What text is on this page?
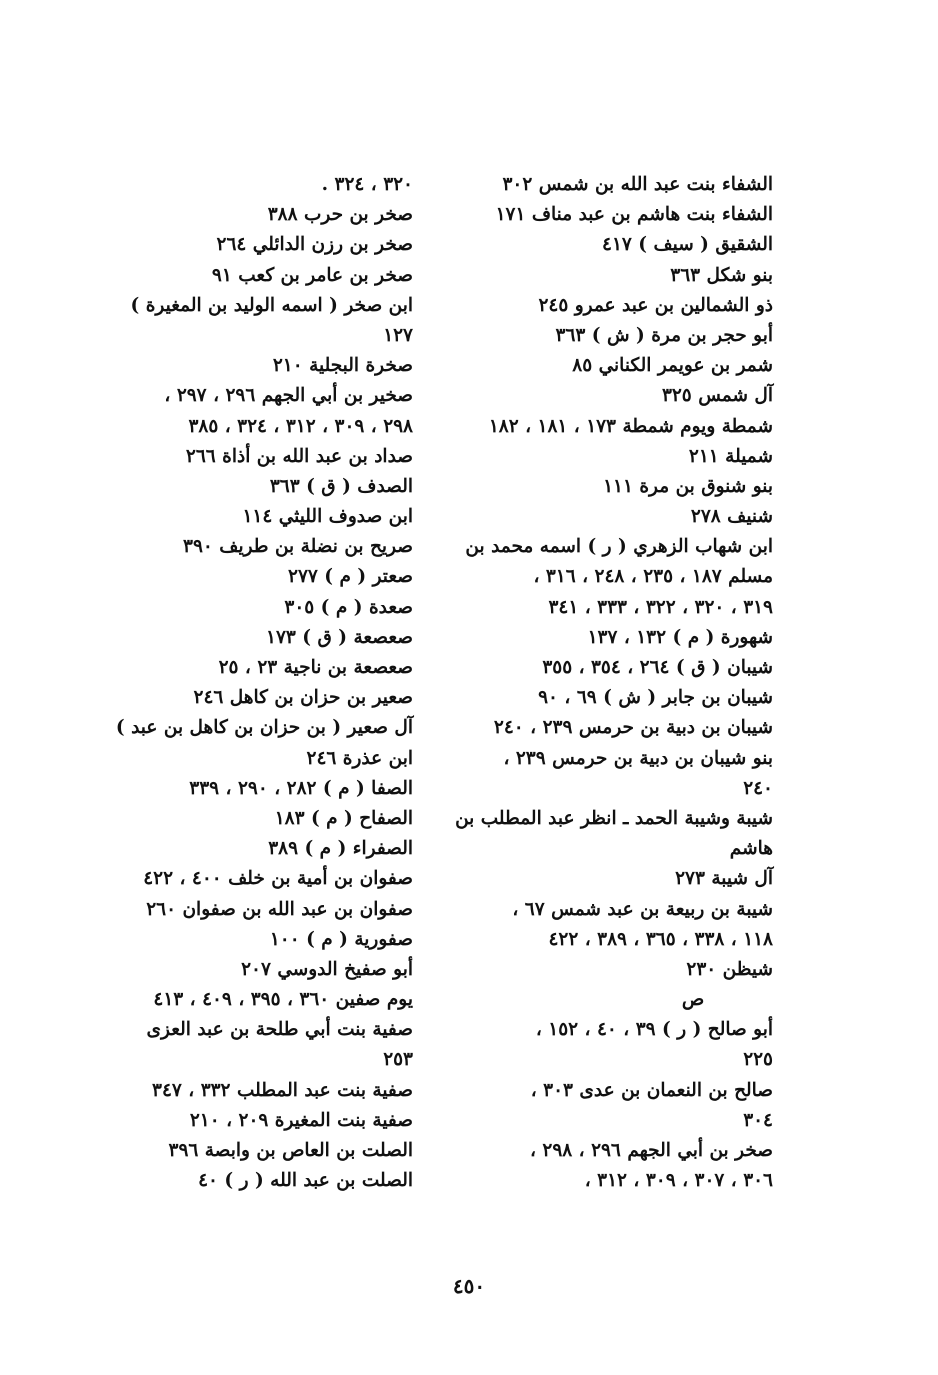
الشفاء بنت عبد الله بن شمس ٣٠٢
الشفاء بنت هاشم بن عبد مناف ١٧١
الشقيق ( سيف ) ٤١٧
بنو شكل ٣٦٣
ذو الشمالين بن عبد عمرو ٢٤٥
أبو حجر بن مرة ( ش ) ٣٦٣
شمر بن عويمر الكناني ٨٥
آل شمس ٣٢٥
شمطة ويوم شمطة ١٧٣ ، ١٨١ ، ١٨٢
شميلة ٢١١
بنو شنوق بن مرة ١١١
شنيف ٢٧٨
ابن شهاب الزهري ( ر ) اسمه محمد بن
مسلم ١٨٧ ، ٢٣٥ ، ٢٤٨ ، ٣١٦ ،
٣١٩ ، ٣٢٠ ، ٣٢٢ ، ٣٣٣ ، ٣٤١
شهورة ( م ) ١٣٢ ، ١٣٧
شيبان ( ق ) ٢٦٤ ، ٣٥٤ ، ٣٥٥
شيبان بن جابر ( ش ) ٦٩ ، ٩٠
شيبان بن دبية بن حرمس ٢٣٩ ، ٢٤٠
بنو شيبان بن دبية بن حرمس ٢٣٩ ،
٢٤٠
شيبة وشيبة الحمد ـ انظر عبد المطلب بن
هاشم
آل شيبة ٢٧٣
شيبة بن ربيعة بن عبد شمس ٦٧ ،
١١٨ ، ٣٣٨ ، ٣٦٥ ، ٣٨٩ ، ٤٢٢
شيظن ٢٣٠
ص
أبو صالح ( ر ) ٣٩ ، ٤٠ ، ١٥٢ ،
٢٢٥
صالح بن النعمان بن عدى ٣٠٣ ،
٣٠٤
صخر بن أبي الجهم ٢٩٦ ، ٢٩٨ ،
٣٠٦ ، ٣٠٧ ، ٣٠٩ ، ٣١٢ ،
٣٢٠ ، ٣٢٤ .
صخر بن حرب ٣٨٨
صخر بن رزن الدائلي ٢٦٤
صخر بن عامر بن كعب ٩١
ابن صخر ( اسمه الوليد بن المغيرة )
١٢٧
صخرة البجلية ٢١٠
صخير بن أبي الجهم ٢٩٦ ، ٢٩٧ ،
٢٩٨ ، ٣٠٩ ، ٣١٢ ، ٣٢٤ ، ٣٨٥
صداد بن عبد الله بن أذاة ٢٦٦
الصدف ( ق ) ٣٦٣
ابن صدوف الليثي ١١٤
صريح بن نضلة بن طريف ٣٩٠
صعتر ( م ) ٢٧٧
صعدة ( م ) ٣٠٥
صعصعة ( ق ) ١٧٣
صعصعة بن ناجية ٢٣ ، ٢٥
صعير بن حزان بن كاهل ٢٤٦
آل صعير ( بن حزان بن كاهل بن عبد )
ابن عذرة ٢٤٦
الصفا ( م ) ٢٨٢ ، ٢٩٠ ، ٣٣٩
الصفاح ( م ) ١٨٣
الصفراء ( م ) ٣٨٩
صفوان بن أمية بن خلف ٤٠٠ ، ٤٢٢
صفوان بن عبد الله بن صفوان ٢٦٠
صفورية ( م ) ١٠٠
أبو صفيخ الدوسي ٢٠٧
يوم صفين ٣٦٠ ، ٣٩٥ ، ٤٠٩ ، ٤١٣
صفية بنت أبي طلحة بن عبد العزى
٢٥٣
صفية بنت عبد المطلب ٣٣٢ ، ٣٤٧
صفية بنت المغيرة ٢٠٩ ، ٢١٠
الصلت بن العاص بن وابصة ٣٩٦
الصلت بن عبد الله ( ر ) ٤٠
٤٥٠
